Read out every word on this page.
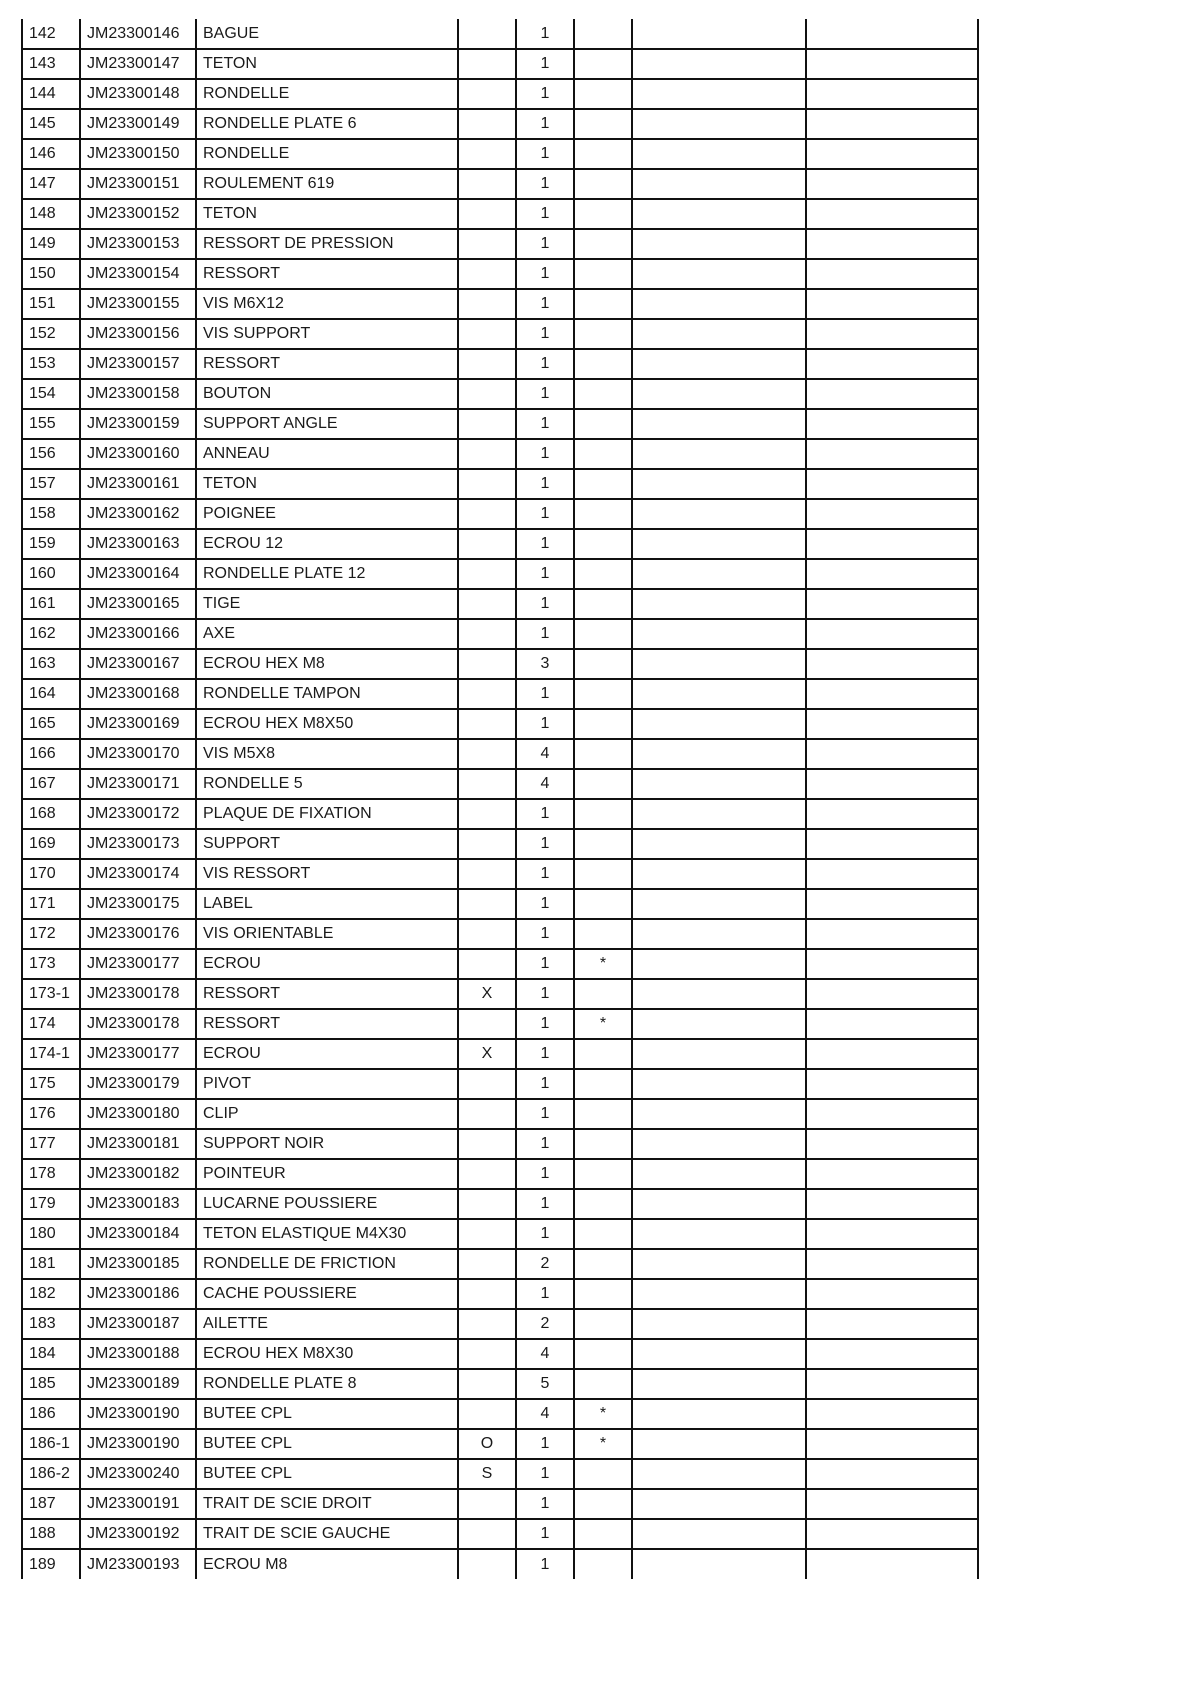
142	JM23300146	BAGUE		1			
143	JM23300147	TETON		1			
144	JM23300148	RONDELLE		1			
145	JM23300149	RONDELLE PLATE 6		1			
146	JM23300150	RONDELLE		1			
147	JM23300151	ROULEMENT 619		1			
148	JM23300152	TETON		1			
149	JM23300153	RESSORT DE PRESSION		1			
150	JM23300154	RESSORT		1			
151	JM23300155	VIS M6X12		1			
152	JM23300156	VIS SUPPORT		1			
153	JM23300157	RESSORT		1			
154	JM23300158	BOUTON		1			
155	JM23300159	SUPPORT ANGLE		1			
156	JM23300160	ANNEAU		1			
157	JM23300161	TETON		1			
158	JM23300162	POIGNEE		1			
159	JM23300163	ECROU 12		1			
160	JM23300164	RONDELLE PLATE 12		1			
161	JM23300165	TIGE		1			
162	JM23300166	AXE		1			
163	JM23300167	ECROU HEX M8		3			
164	JM23300168	RONDELLE TAMPON		1			
165	JM23300169	ECROU HEX M8X50		1			
166	JM23300170	VIS M5X8		4			
167	JM23300171	RONDELLE 5		4			
168	JM23300172	PLAQUE DE FIXATION		1			
169	JM23300173	SUPPORT		1			
170	JM23300174	VIS RESSORT		1			
171	JM23300175	LABEL		1			
172	JM23300176	VIS ORIENTABLE		1			
173	JM23300177	ECROU		1	*		
173-1	JM23300178	RESSORT	X	1			
174	JM23300178	RESSORT		1	*		
174-1	JM23300177	ECROU	X	1			
175	JM23300179	PIVOT		1			
176	JM23300180	CLIP		1			
177	JM23300181	SUPPORT NOIR		1			
178	JM23300182	POINTEUR		1			
179	JM23300183	LUCARNE POUSSIERE		1			
180	JM23300184	TETON ELASTIQUE M4X30		1			
181	JM23300185	RONDELLE DE FRICTION		2			
182	JM23300186	CACHE POUSSIERE		1			
183	JM23300187	AILETTE		2			
184	JM23300188	ECROU HEX M8X30		4			
185	JM23300189	RONDELLE PLATE 8		5			
186	JM23300190	BUTEE CPL		4	*		
186-1	JM23300190	BUTEE CPL	O	1	*		
186-2	JM23300240	BUTEE CPL	S	1			
187	JM23300191	TRAIT DE SCIE DROIT		1			
188	JM23300192	TRAIT DE SCIE GAUCHE		1			
189	JM23300193	ECROU M8		1			
